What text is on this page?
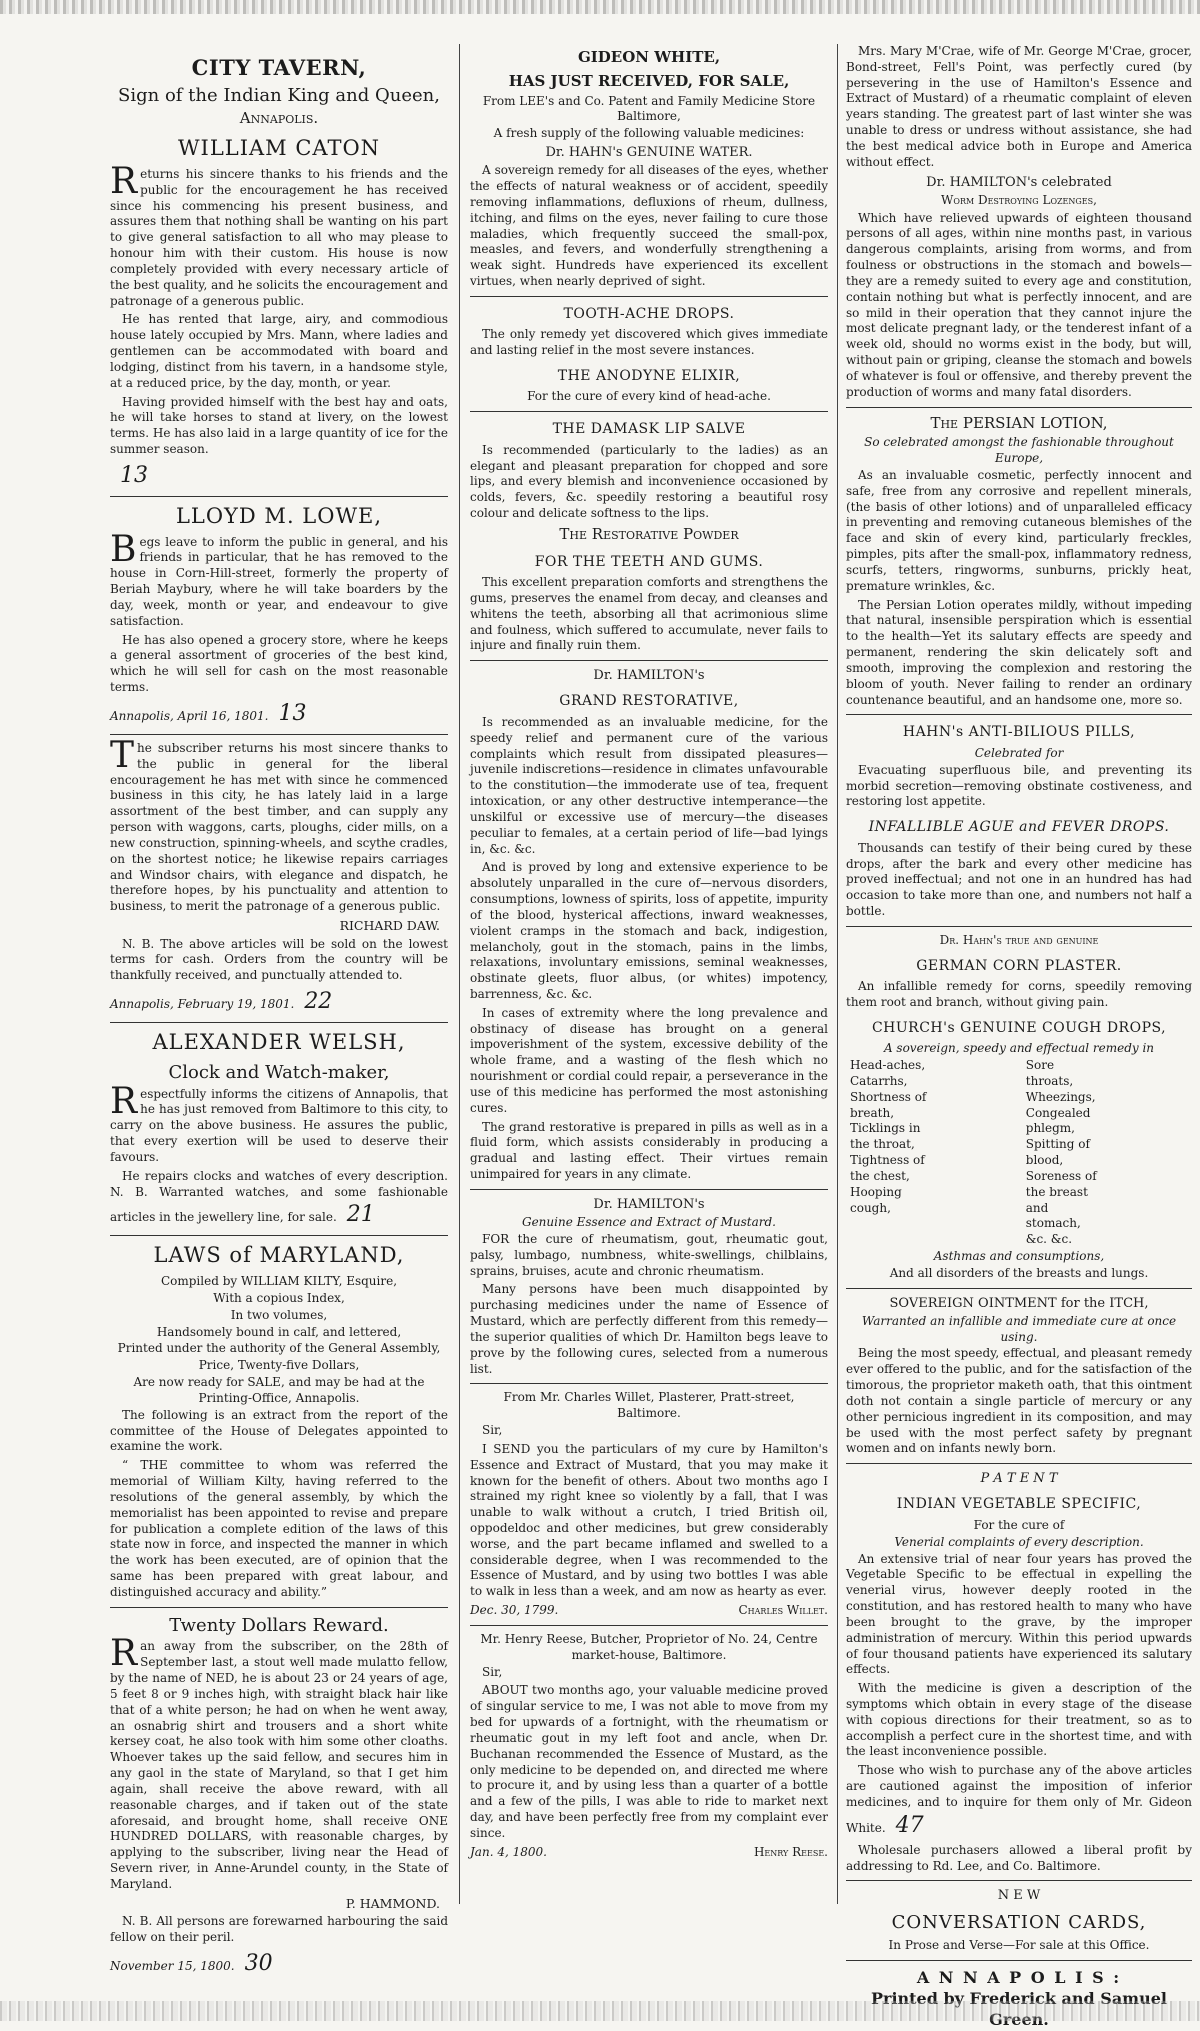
CITY TAVERN,
Sign of the Indian King and Queen,
Annapolis.
WILLIAM CATON

Returns his sincere thanks to his friends and the public for the encouragement he has received since his commencing his present business, and assures them that nothing shall be wanting on his part to give general satisfaction to all who may please to honour him with their custom. His house is now completely provided with every necessary article of the best quality, and he solicits the encouragement and patronage of a generous public.

He has rented that large, airy, and commodious house lately occupied by Mrs. Mann, where ladies and gentlemen can be accommodated with board and lodging, distinct from his tavern, in a handsome style, at a reduced price, by the day, month, or year.

Having provided himself with the best hay and oats, he will take horses to stand at livery, on the lowest terms. He has also laid in a large quantity of ice for the summer season.

13
LLOYD M. LOWE,

Begs leave to inform the public in general, and his friends in particular, that he has removed to the house in Corn-Hill-street, formerly the property of Beriah Maybury, where he will take boarders by the day, week, month or year, and endeavour to give satisfaction.

He has also opened a grocery store, where he keeps a general assortment of groceries of the best kind, which he will sell for cash on the most reasonable terms.

Annapolis, April 16, 1801. 13

The subscriber returns his most sincere thanks to the public in general for the liberal encouragement he has met with since he commenced business in this city, he has lately laid in a large assortment of the best timber, and can supply any person with waggons, carts, ploughs, cider mills, on a new construction, spinning-wheels, and scythe cradles, on the shortest notice; he likewise repairs carriages and Windsor chairs, with elegance and dispatch, he therefore hopes, by his punctuality and attention to business, to merit the patronage of a generous public.

RICHARD DAW.

N. B. The above articles will be sold on the lowest terms for cash. Orders from the country will be thankfully received, and punctually attended to.

Annapolis, February 19, 1801. 22
ALEXANDER WELSH,
Clock and Watch-maker,

Respectfully informs the citizens of Annapolis, that he has just removed from Baltimore to this city, to carry on the above business. He assures the public, that every exertion will be used to deserve their favours.

He repairs clocks and watches of every description. N. B. Warranted watches, and some fashionable articles in the jewellery line, for sale. 21

LAWS of MARYLAND,
Compiled by WILLIAM KILTY, Esquire,
With a copious Index,
In two volumes,
Handsomely bound in calf, and lettered,
Printed under the authority of the General Assembly,
Price, Twenty-five Dollars,
Are now ready for SALE, and may be had at the Printing-Office, Annapolis.

The following is an extract from the report of the committee of the House of Delegates appointed to examine the work.

“ THE committee to whom was referred the memorial of William Kilty, having referred to the resolutions of the general assembly, by which the memorialist has been appointed to revise and prepare for publication a complete edition of the laws of this state now in force, and inspected the manner in which the work has been executed, are of opinion that the same has been prepared with great labour, and distinguished accuracy and ability.”

Twenty Dollars Reward.

Ran away from the subscriber, on the 28th of September last, a stout well made mulatto fellow, by the name of NED, he is about 23 or 24 years of age, 5 feet 8 or 9 inches high, with straight black hair like that of a white person; he had on when he went away, an osnabrig shirt and trousers and a short white kersey coat, he also took with him some other cloaths. Whoever takes up the said fellow, and secures him in any gaol in the state of Maryland, so that I get him again, shall receive the above reward, with all reasonable charges, and if taken out of the state aforesaid, and brought home, shall receive ONE HUNDRED DOLLARS, with reasonable charges, by applying to the subscriber, living near the Head of Severn river, in Anne-Arundel county, in the State of Maryland.

P. HAMMOND.

N. B. All persons are forewarned harbouring the said fellow on their peril.

November 15, 1800. 30
GIDEON WHITE,
HAS JUST RECEIVED, FOR SALE,
From LEE's and Co. Patent and Family Medicine Store Baltimore,
A fresh supply of the following valuable medicines:
Dr. HAHN's GENUINE WATER.

A sovereign remedy for all diseases of the eyes, whether the effects of natural weakness or of accident, speedily removing inflammations, defluxions of rheum, dullness, itching, and films on the eyes, never failing to cure those maladies, which frequently succeed the small-pox, measles, and fevers, and wonderfully strengthening a weak sight. Hundreds have experienced its excellent virtues, when nearly deprived of sight.

TOOTH-ACHE DROPS.

The only remedy yet discovered which gives immediate and lasting relief in the most severe instances.

THE ANODYNE ELIXIR,
For the cure of every kind of head-ache.
THE DAMASK LIP SALVE

Is recommended (particularly to the ladies) as an elegant and pleasant preparation for chopped and sore lips, and every blemish and inconvenience occasioned by colds, fevers, &c. speedily restoring a beautiful rosy colour and delicate softness to the lips.

The Restorative Powder
FOR THE TEETH AND GUMS.

This excellent preparation comforts and strengthens the gums, preserves the enamel from decay, and cleanses and whitens the teeth, absorbing all that acrimonious slime and foulness, which suffered to accumulate, never fails to injure and finally ruin them.

Dr. HAMILTON's
GRAND RESTORATIVE,

Is recommended as an invaluable medicine, for the speedy relief and permanent cure of the various complaints which result from dissipated pleasures—juvenile indiscretions—residence in climates unfavourable to the constitution—the immoderate use of tea, frequent intoxication, or any other destructive intemperance—the unskilful or excessive use of mercury—the diseases peculiar to females, at a certain period of life—bad lyings in, &c. &c.

And is proved by long and extensive experience to be absolutely unparalled in the cure of—nervous disorders, consumptions, lowness of spirits, loss of appetite, impurity of the blood, hysterical affections, inward weaknesses, violent cramps in the stomach and back, indigestion, melancholy, gout in the stomach, pains in the limbs, relaxations, involuntary emissions, seminal weaknesses, obstinate gleets, fluor albus, (or whites) impotency, barrenness, &c. &c.

In cases of extremity where the long prevalence and obstinacy of disease has brought on a general impoverishment of the system, excessive debility of the whole frame, and a wasting of the flesh which no nourishment or cordial could repair, a perseverance in the use of this medicine has performed the most astonishing cures.

The grand restorative is prepared in pills as well as in a fluid form, which assists considerably in producing a gradual and lasting effect. Their virtues remain unimpaired for years in any climate.

Dr. HAMILTON's
Genuine Essence and Extract of Mustard.

FOR the cure of rheumatism, gout, rheumatic gout, palsy, lumbago, numbness, white-swellings, chilblains, sprains, bruises, acute and chronic rheumatism.

Many persons have been much disappointed by purchasing medicines under the name of Essence of Mustard, which are perfectly different from this remedy—the superior qualities of which Dr. Hamilton begs leave to prove by the following cures, selected from a numerous list.

From Mr. Charles Willet, Plasterer, Pratt-street, Baltimore.

Sir,

I SEND you the particulars of my cure by Hamilton's Essence and Extract of Mustard, that you may make it known for the benefit of others. About two months ago I strained my right knee so violently by a fall, that I was unable to walk without a crutch, I tried British oil, oppodeldoc and other medicines, but grew considerably worse, and the part became inflamed and swelled to a considerable degree, when I was recommended to the Essence of Mustard, and by using two bottles I was able to walk in less than a week, and am now as hearty as ever.

Dec. 30, 1799.	Charles Willet.
Mr. Henry Reese, Butcher, Proprietor of No. 24, Centre market-house, Baltimore.

Sir,

ABOUT two months ago, your valuable medicine proved of singular service to me, I was not able to move from my bed for upwards of a fortnight, with the rheumatism or rheumatic gout in my left foot and ancle, when Dr. Buchanan recommended the Essence of Mustard, as the only medicine to be depended on, and directed me where to procure it, and by using less than a quarter of a bottle and a few of the pills, I was able to ride to market next day, and have been perfectly free from my complaint ever since.

Jan. 4, 1800.	Henry Reese.

Mrs. Mary M'Crae, wife of Mr. George M'Crae, grocer, Bond-street, Fell's Point, was perfectly cured (by persevering in the use of Hamilton's Essence and Extract of Mustard) of a rheumatic complaint of eleven years standing. The greatest part of last winter she was unable to dress or undress without assistance, she had the best medical advice both in Europe and America without effect.

Dr. HAMILTON's celebrated
Worm Destroying Lozenges,

Which have relieved upwards of eighteen thousand persons of all ages, within nine months past, in various dangerous complaints, arising from worms, and from foulness or obstructions in the stomach and bowels—they are a remedy suited to every age and constitution, contain nothing but what is perfectly innocent, and are so mild in their operation that they cannot injure the most delicate pregnant lady, or the tenderest infant of a week old, should no worms exist in the body, but will, without pain or griping, cleanse the stomach and bowels of whatever is foul or offensive, and thereby prevent the production of worms and many fatal disorders.

The PERSIAN LOTION,
So celebrated amongst the fashionable throughout Europe,

As an invaluable cosmetic, perfectly innocent and safe, free from any corrosive and repellent minerals, (the basis of other lotions) and of unparalleled efficacy in preventing and removing cutaneous blemishes of the face and skin of every kind, particularly freckles, pimples, pits after the small-pox, inflammatory redness, scurfs, tetters, ringworms, sunburns, prickly heat, premature wrinkles, &c.

The Persian Lotion operates mildly, without impeding that natural, insensible perspiration which is essential to the health—Yet its salutary effects are speedy and permanent, rendering the skin delicately soft and smooth, improving the complexion and restoring the bloom of youth. Never failing to render an ordinary countenance beautiful, and an handsome one, more so.

HAHN's ANTI-BILIOUS PILLS,
Celebrated for

Evacuating superfluous bile, and preventing its morbid secretion—removing obstinate costiveness, and restoring lost appetite.

INFALLIBLE AGUE and FEVER DROPS.

Thousands can testify of their being cured by these drops, after the bark and every other medicine has proved ineffectual; and not one in an hundred has had occasion to take more than one, and numbers not half a bottle.

Dr. Hahn's true and genuine
GERMAN CORN PLASTER.

An infallible remedy for corns, speedily removing them root and branch, without giving pain.

CHURCH's GENUINE COUGH DROPS,
A sovereign, speedy and effectual remedy in
Head-aches,
Catarrhs,
Shortness of breath,
Ticklings in the throat,
Tightness of the chest,
Hooping cough,
Sore throats,
Wheezings,
Congealed phlegm,
Spitting of blood,
Soreness of the breast and
stomach, &c. &c.
Asthmas and consumptions,
And all disorders of the breasts and lungs.
SOVEREIGN OINTMENT for the ITCH,
Warranted an infallible and immediate cure at once using.

Being the most speedy, effectual, and pleasant remedy ever offered to the public, and for the satisfaction of the timorous, the proprietor maketh oath, that this ointment doth not contain a single particle of mercury or any other pernicious ingredient in its composition, and may be used with the most perfect safety by pregnant women and on infants newly born.

P A T E N T
INDIAN VEGETABLE SPECIFIC,
For the cure of
Venerial complaints of every description.

An extensive trial of near four years has proved the Vegetable Specific to be effectual in expelling the venerial virus, however deeply rooted in the constitution, and has restored health to many who have been brought to the grave, by the improper administration of mercury. Within this period upwards of four thousand patients have experienced its salutary effects.

With the medicine is given a description of the symptoms which obtain in every stage of the disease with copious directions for their treatment, so as to accomplish a perfect cure in the shortest time, and with the least inconvenience possible.

Those who wish to purchase any of the above articles are cautioned against the imposition of inferior medicines, and to inquire for them only of Mr. Gideon White. 47

Wholesale purchasers allowed a liberal profit by addressing to Rd. Lee, and Co. Baltimore.

N E W
CONVERSATION CARDS,
In Prose and Verse—For sale at this Office.
A N N A P O L I S :
Printed by Frederick and Samuel Green.
